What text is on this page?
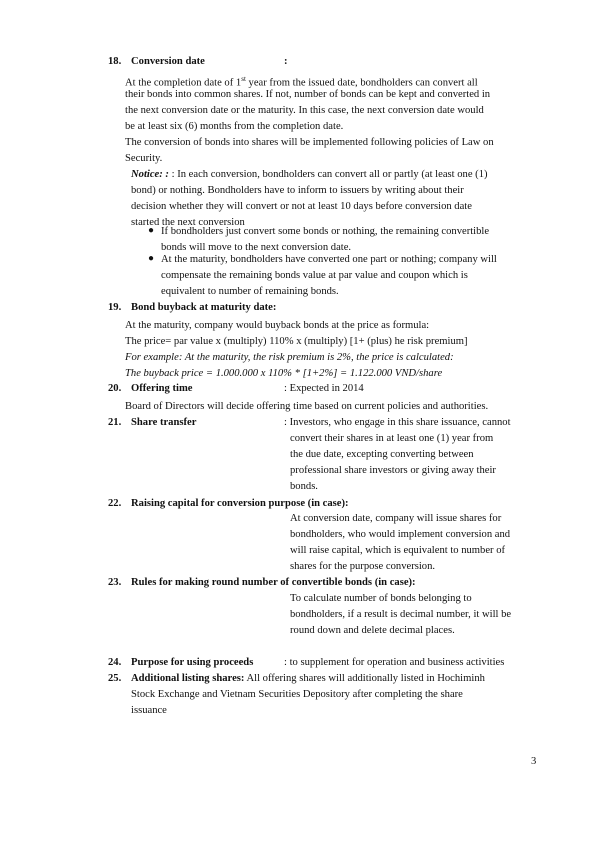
18. Conversion date	:
At the completion date of 1st year from the issued date, bondholders can convert all
their bonds into common shares. If not, number of bonds can be kept and converted in
the next conversion date or the maturity. In this case, the next conversion date would
be at least six (6) months from the completion date.
The conversion of bonds into shares will be implemented following policies of Law on
Security.
Notice: : : In each conversion, bondholders can convert all or partly (at least one (1)
bond) or nothing. Bondholders have to inform to issuers by writing about their
decision whether they will convert or not at least 10 days before conversion date
started the next conversion
● If bondholders just convert some bonds or nothing, the remaining convertible
bonds will move to the next conversion date.
● At the maturity, bondholders have converted one part or nothing; company will
compensate the remaining bonds value at par value and coupon which is
equivalent to number of remaining bonds.
19. Bond buyback at maturity date:
At the maturity, company would buyback bonds at the price as formula:
The price= par value x (multiply) 110% x (multiply) [1+ (plus) he risk premium]
For example: At the maturity, the risk premium is 2%, the price is calculated:
The buyback price = 1.000.000 x 110% * [1+2%] = 1.122.000 VND/share
20. Offering time	: Expected in 2014
Board of Directors will decide offering time based on current policies and authorities.
21. Share transfer	: Investors, who engage in this share issuance, cannot
convert their shares in at least one (1) year from
the due date, excepting converting between
professional share investors or giving away their
bonds.
22. Raising capital for conversion purpose (in case):
At conversion date, company will issue shares for
bondholders, who would implement conversion and
will raise capital, which is equivalent to number of
shares for the purpose conversion.
23. Rules for making round number of convertible bonds (in case):
To calculate number of bonds belonging to
bondholders, if a result is decimal number, it will be
round down and delete decimal places.
24. Purpose for using proceeds	: to supplement for operation and business activities
25. Additional listing shares: All offering shares will additionally listed in Hochiminh
Stock Exchange and Vietnam Securities Depository after completing the share
issuance
3
